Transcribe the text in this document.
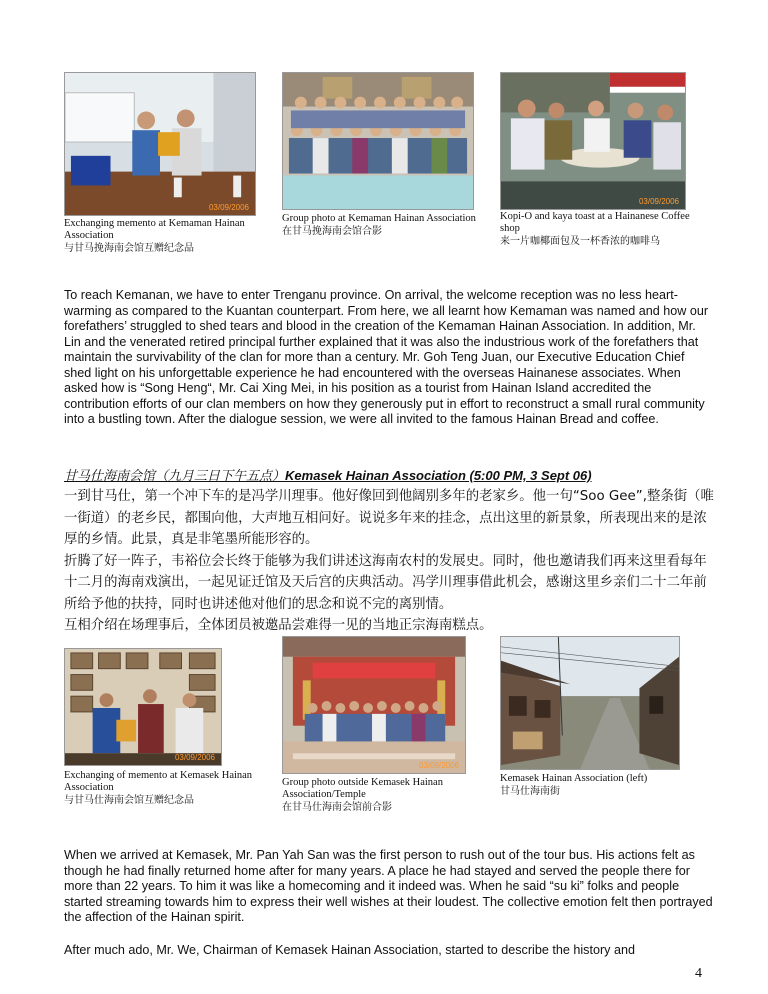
03/09/2006
Exchanging memento at Kemaman Hainan Association
与甘马挽海南会馆互赠纪念品
Group photo at Kemaman Hainan Association
在甘马挽海南会馆合影
03/09/2006
Kopi-O and kaya toast at a Hainanese Coffee shop
来一片咖椰面包及一杯香浓的咖啡乌

To reach Kemanan, we have to enter Trenganu province. On arrival, the welcome reception was no less heart-warming as compared to the Kuantan counterpart. From here, we all learnt how Kemaman was named and how our forefathers’ struggled to shed tears and blood in the creation of the Kemaman Hainan Association. In addition, Mr. Lin and the venerated retired principal further explained that it was also the industrious work of the forefathers that maintain the survivability of the clan for more than a century. Mr. Goh Teng Juan, our Executive Education Chief shed light on his unforgettable experience he had encountered with the overseas Hainanese associates. When asked how is “Song Heng“, Mr. Cai Xing Mei, in his position as a tourist from Hainan Island accredited the contribution efforts of our clan members on how they generously put in effort to reconstruct a small rural community into a bustling town. After the dialogue session, we were all invited to the famous Hainan Bread and coffee.

甘马仕海南会馆（九月三日下午五点）Kemasek Hainan Association (5:00 PM, 3 Sept 06)

一到甘马仕，第一个冲下车的是冯学川理事。他好像回到他阔别多年的老家乡。他一句“Soo Gee”,整条街（唯一街道）的老乡民，都围向他，大声地互相问好。说说多年来的挂念，点出这里的新景象，所表现出来的是浓厚的乡情。此景，真是非笔墨所能形容的。

折腾了好一阵子，韦裕位会长终于能够为我们讲述这海南农村的发展史。同时，他也邀请我们再来这里看每年十二月的海南戏演出，一起见证迁馆及天后宫的庆典活动。冯学川理事借此机会，感谢这里乡亲们二十二年前所给予他的扶持，同时也讲述他对他们的思念和说不完的离别情。

互相介绍在场理事后，全体团员被邀品尝难得一见的当地正宗海南糕点。

03/09/2006
Exchanging of memento at Kemasek Hainan Association
与甘马仕海南会馆互赠纪念品
03/09/2006
Group photo outside Kemasek Hainan Association/Temple
在甘马仕海南会馆前合影
Kemasek Hainan Association (left)
甘马仕海南街

When we arrived at Kemasek, Mr. Pan Yah San was the first person to rush out of the tour bus. His actions felt as though he had finally returned home after for many years. A place he had stayed and served the people there for more than 22 years. To him it was like a homecoming and it indeed was. When he said “su ki” folks and people started streaming towards him to express their well wishes at their loudest. The collective emotion felt then portrayed the affection of the Hainan spirit.

After much ado, Mr. We, Chairman of Kemasek Hainan Association, started to describe the history and

4
